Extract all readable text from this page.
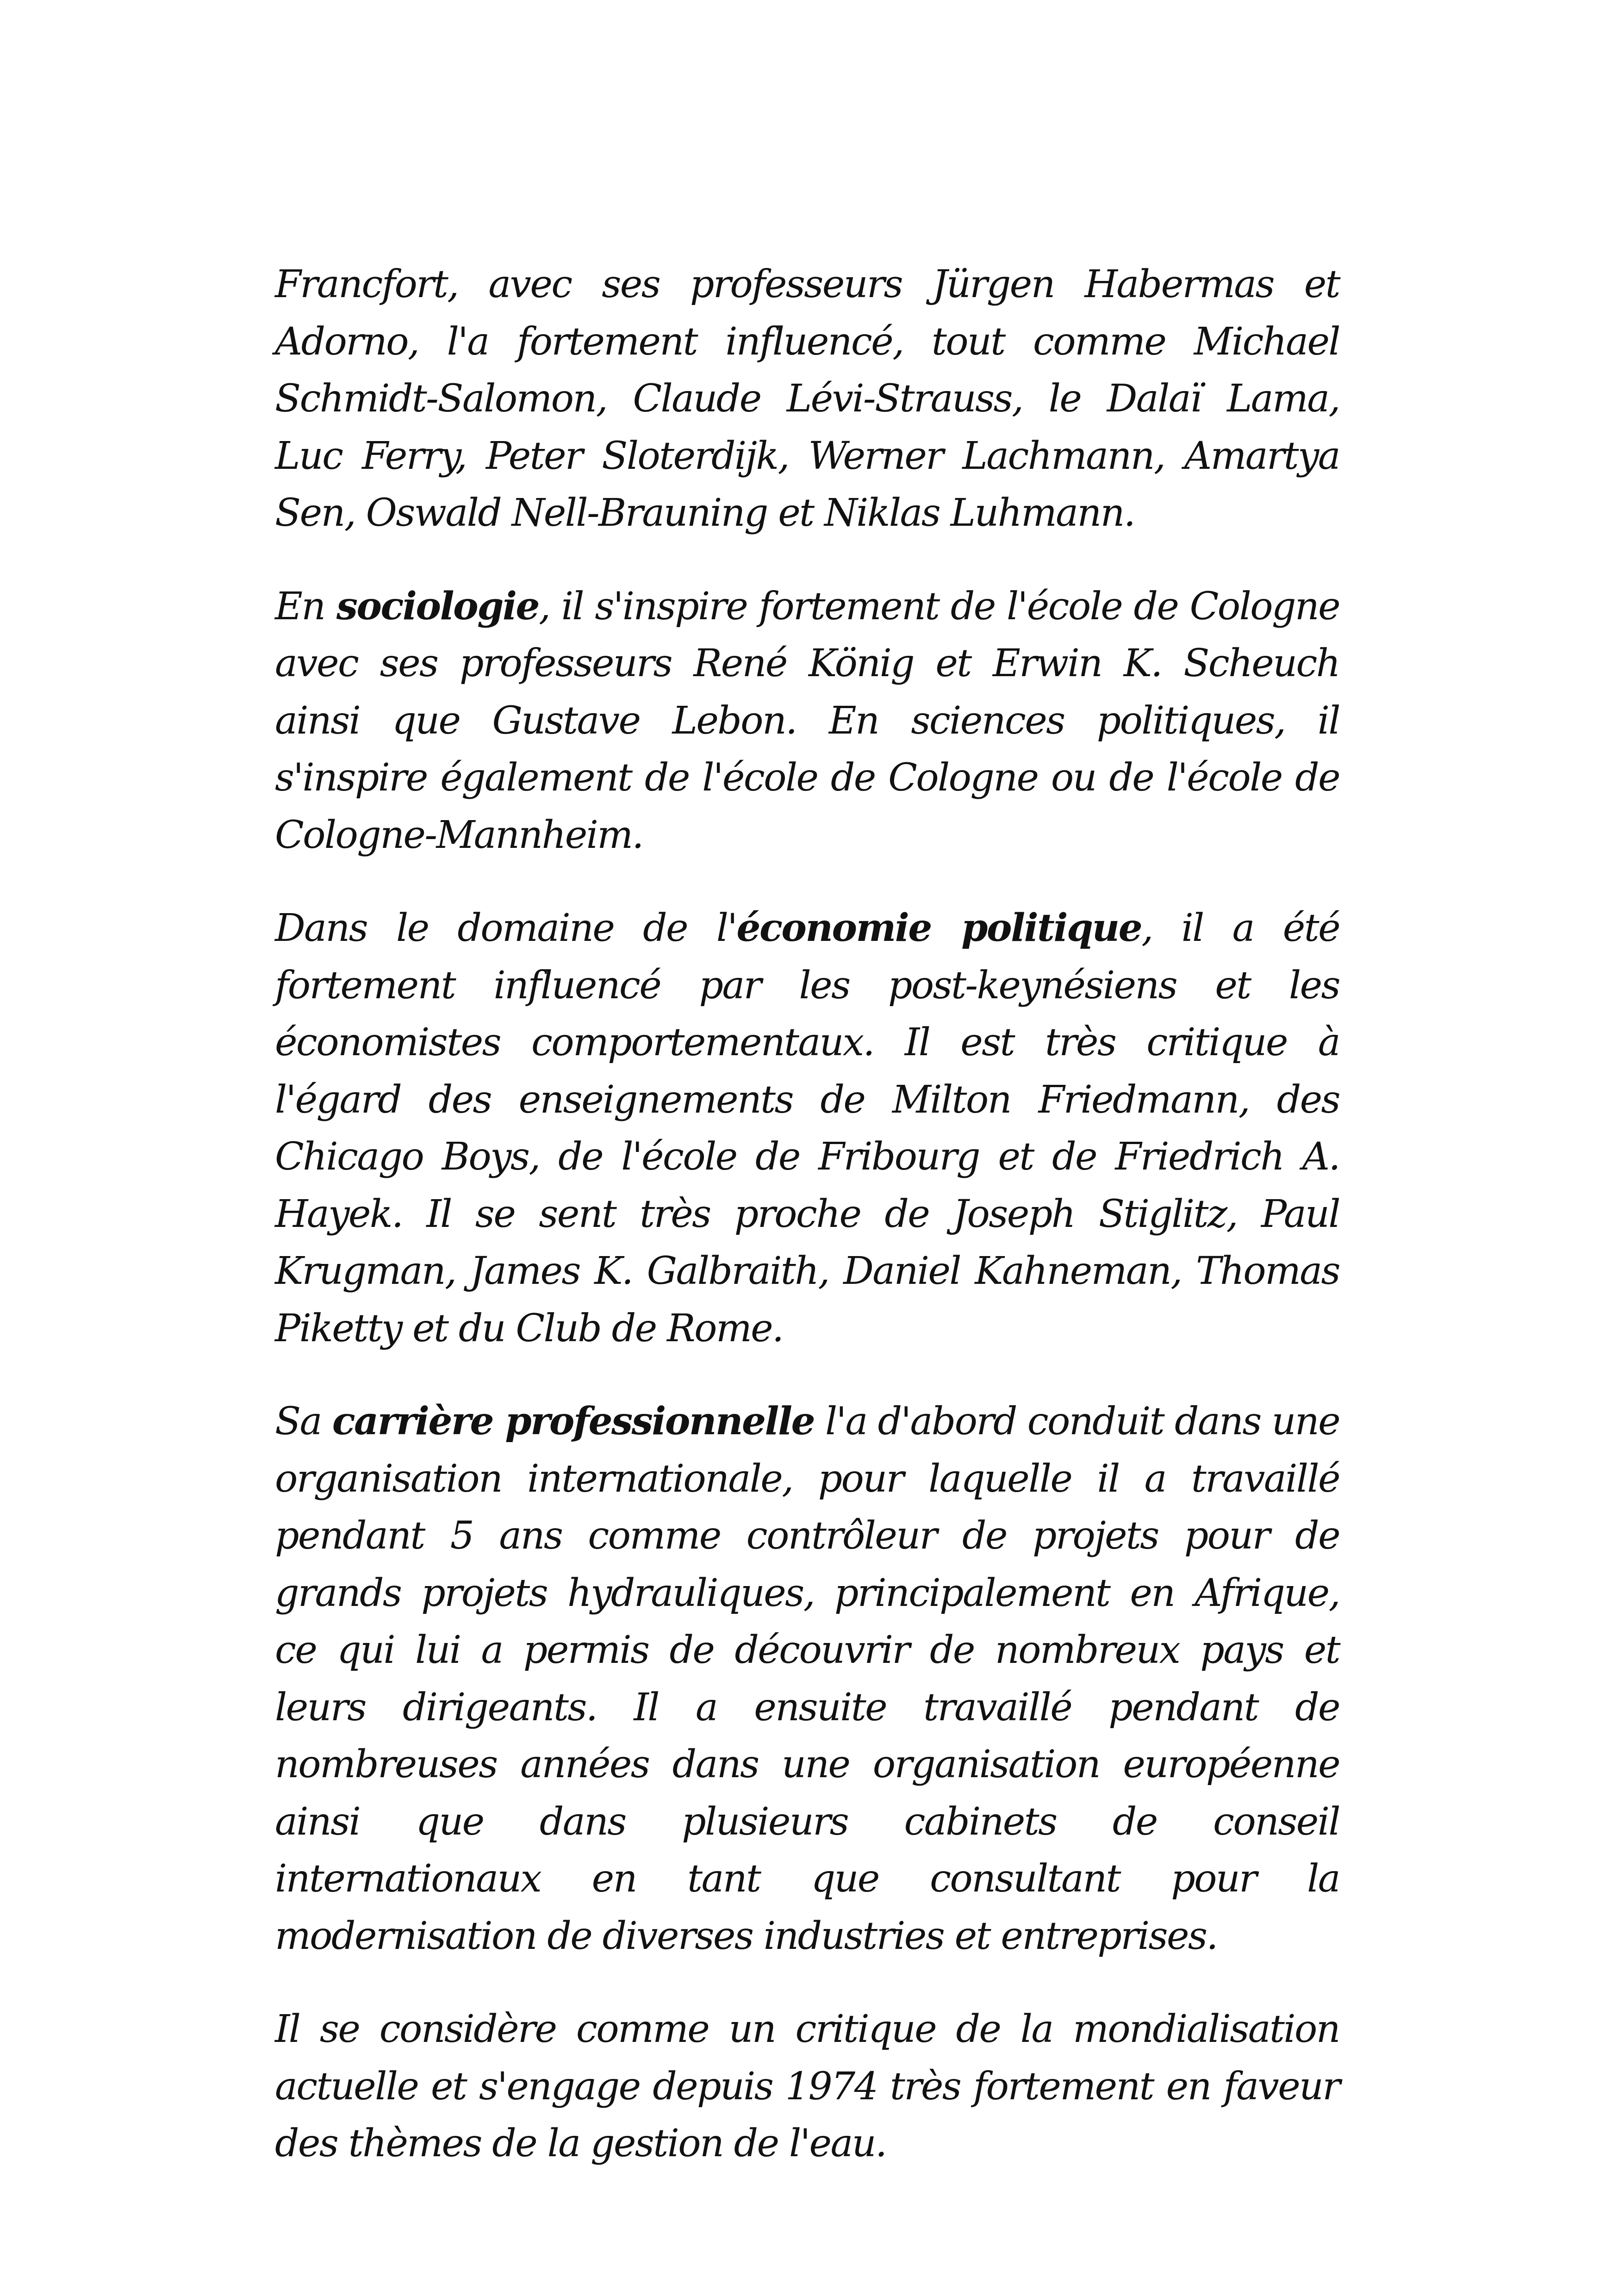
Francfort, avec ses professeurs Jürgen Habermas et Adorno, l'a fortement influencé, tout comme Michael Schmidt-Salomon, Claude Lévi-Strauss, le Dalaï Lama, Luc Ferry, Peter Sloterdijk, Werner Lachmann, Amartya Sen, Oswald Nell-Brauning et Niklas Luhmann.

En sociologie, il s'inspire fortement de l'école de Cologne avec ses professeurs René König et Erwin K. Scheuch ainsi que Gustave Lebon. En sciences politiques, il s'inspire également de l'école de Cologne ou de l'école de Cologne-Mannheim.

Dans le domaine de l'économie politique, il a été fortement influencé par les post-keynésiens et les économistes comportementaux. Il est très critique à l'égard des enseignements de Milton Friedmann, des Chicago Boys, de l'école de Fribourg et de Friedrich A. Hayek. Il se sent très proche de Joseph Stiglitz, Paul Krugman, James K. Galbraith, Daniel Kahneman, Thomas Piketty et du Club de Rome.

Sa carrière professionnelle l'a d'abord conduit dans une organisation internationale, pour laquelle il a travaillé pendant 5 ans comme contrôleur de projets pour de grands projets hydrauliques, principalement en Afrique, ce qui lui a permis de découvrir de nombreux pays et leurs dirigeants. Il a ensuite travaillé pendant de nombreuses années dans une organisation européenne ainsi que dans plusieurs cabinets de conseil internationaux en tant que consultant pour la modernisation de diverses industries et entreprises.

Il se considère comme un critique de la mondialisation actuelle et s'engage depuis 1974 très fortement en faveur des thèmes de la gestion de l'eau.
